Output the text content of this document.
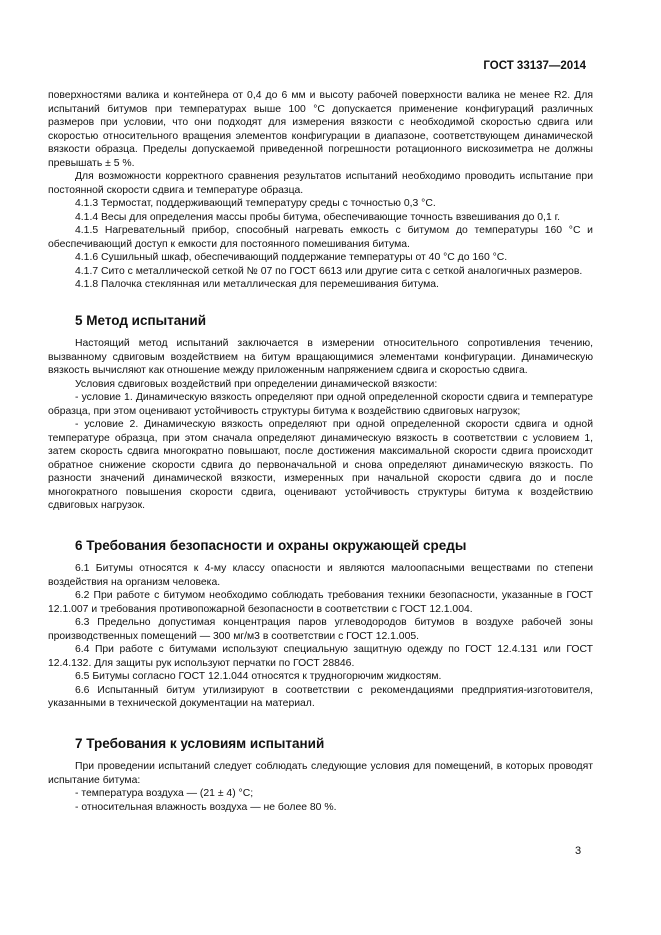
ГОСТ 33137—2014

поверхностями валика и контейнера от 0,4 до 6 мм и высоту рабочей поверхности валика не менее R2. Для испытаний битумов при температурах выше 100 °С допускается применение конфигураций различных размеров при условии, что они подходят для измерения вязкости с необходимой скоростью сдвига или скоростью относительного вращения элементов конфигурации в диапазоне, соответствующем динамической вязкости образца. Пределы допускаемой приведенной погрешности ротационного вискозиметра не должны превышать ± 5 %.

Для возможности корректного сравнения результатов испытаний необходимо проводить испытание при постоянной скорости сдвига и температуре образца.

4.1.3 Термостат, поддерживающий температуру среды с точностью 0,3 °С.

4.1.4 Весы для определения массы пробы битума, обеспечивающие точность взвешивания до 0,1 г.

4.1.5 Нагревательный прибор, способный нагревать емкость с битумом до температуры 160 °С и обеспечивающий доступ к емкости для постоянного помешивания битума.

4.1.6 Сушильный шкаф, обеспечивающий поддержание температуры от 40 °С до 160 °С.

4.1.7 Сито с металлической сеткой № 07 по ГОСТ 6613 или другие сита с сеткой аналогичных размеров.

4.1.8 Палочка стеклянная или металлическая для перемешивания битума.

5 Метод испытаний

Настоящий метод испытаний заключается в измерении относительного сопротивления течению, вызванному сдвиговым воздействием на битум вращающимися элементами конфигурации. Динамическую вязкость вычисляют как отношение между приложенным напряжением сдвига и скоростью сдвига.

Условия сдвиговых воздействий при определении динамической вязкости:

- условие 1. Динамическую вязкость определяют при одной определенной скорости сдвига и температуре образца, при этом оценивают устойчивость структуры битума к воздействию сдвиговых нагрузок;

- условие 2. Динамическую вязкость определяют при одной определенной скорости сдвига и одной температуре образца, при этом сначала определяют динамическую вязкость в соответствии с условием 1, затем скорость сдвига многократно повышают, после достижения максимальной скорости сдвига происходит обратное снижение скорости сдвига до первоначальной и снова определяют динамическую вязкость. По разности значений динамической вязкости, измеренных при начальной скорости сдвига до и после многократного повышения скорости сдвига, оценивают устойчивость структуры битума к воздействию сдвиговых нагрузок.

6 Требования безопасности и охраны окружающей среды

6.1 Битумы относятся к 4-му классу опасности и являются малоопасными веществами по степени воздействия на организм человека.

6.2 При работе с битумом необходимо соблюдать требования техники безопасности, указанные в ГОСТ 12.1.007 и требования противопожарной безопасности в соответствии с ГОСТ 12.1.004.

6.3 Предельно допустимая концентрация паров углеводородов битумов в воздухе рабочей зоны производственных помещений — 300 мг/м3 в соответствии с ГОСТ 12.1.005.

6.4 При работе с битумами используют специальную защитную одежду по ГОСТ 12.4.131 или ГОСТ 12.4.132. Для защиты рук используют перчатки по ГОСТ 28846.

6.5 Битумы согласно ГОСТ 12.1.044 относятся к трудногорючим жидкостям.

6.6 Испытанный битум утилизируют в соответствии с рекомендациями предприятия-изготовителя, указанными в технической документации на материал.

7 Требования к условиям испытаний

При проведении испытаний следует соблюдать следующие условия для помещений, в которых проводят испытание битума:

- температура воздуха — (21 ± 4) °С;

- относительная влажность воздуха — не более 80 %.

3
